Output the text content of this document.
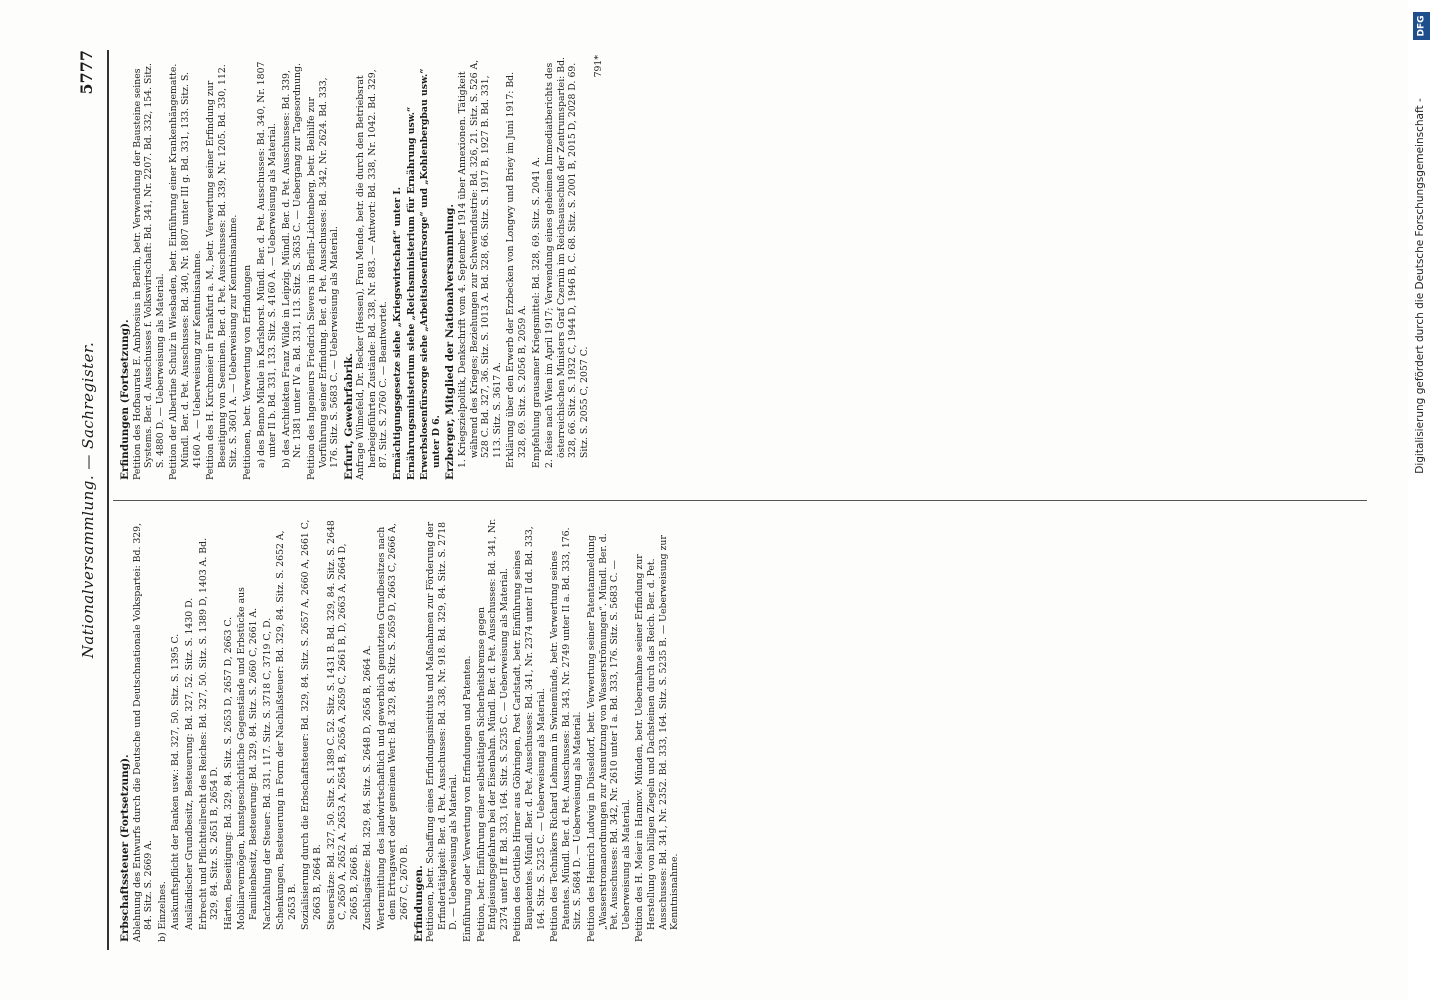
Nationalversammlung. — Sachregister.
5777
Erbschaftssteuer (Fortsetzung). Ablehnung des Entwurfs durch die Deutsche und Deutschnationale Volkspartei: Bd. 329, 84. Sitz. S. 2669 A. b) Einzelnes. Auskunftspflicht der Banken usw.: Bd. 327, 50. Sitz. S. 1395 C. Ausländischer Grundbesitz, Besteuerung: Bd. 327, 52. Sitz. S. 1430 D. Erbrecht und Pflichtteilrecht des Reiches: Bd. 327, 50. Sitz. S. 1389 D, 1403 A. Bd. 329, 84. Sitz. S. 2651 B, 2654 D. Härten, Beseitigung: Bd. 329, 84. Sitz. S. 2653 D, 2657 D, 2663 C. Mobiliarvermögen, kunstgeschichtliche Gegenstände und Erbstücke aus Familienbesitz, Besteuerung: Bd. 329, 84. Sitz. S. 2660 C, 2661 A. Nachzahlung der Steuer: Bd. 331, 117. Sitz. S. 3718 C, 3719 C, D. Schenkungen, Besteuerung in Form der Nachlaßsteuer: Bd. 329, 84. Sitz. S. 2652 A, 2653 B. Sozialisierung durch die Erbschaftsteuer: Bd. 329, 84. Sitz. S. 2657 A, 2660 A, 2661 C, 2663 B, 2664 B. Steuersätze: Bd. 327, 50. Sitz. S. 1389 C. 52. Sitz. S. 1431 B. Bd. 329, 84. Sitz. S. 2648 C, 2650 A, 2652 A, 2653 A, 2654 B, 2656 A, 2659 C, 2661 B, D, 2663 A, 2664 D, 2665 B, 2666 B. Zuschlagsätze: Bd. 329, 84. Sitz. S. 2648 D, 2656 B, 2664 A. Wertermittlung des landwirtschaftlich und gewerblich genutzten Grundbesitzes nach dem Ertragswert oder gemeinen Wert: Bd. 329, 84. Sitz. S. 2659 D, 2663 C, 2666 A, 2667 C, 2670 B. Erfindungen. Petitionen, betr. Schaffung eines Erfindungsinstituts und Maßnahmen zur Förderung der Erfindertätigkeit: Ber. d. Pet. Ausschusses: Bd. 338, Nr. 918. Bd. 329, 84. Sitz. S. 2718 D. — Ueberweisung als Material. Einführung oder Verwertung von Erfindungen und Patenten. Petition, betr. Einführung einer selbsttätigen Sicherheitsbremse gegen Entgleisungsgefahren bei der Eisenbahn. Mündl. Ber. d. Pet. Ausschusses: Bd. 341, Nr. 2374 unter II ff. Bd. 333, 164. Sitz. S. 5235 C. — Ueberweisung als Material. Petition des Gottlieb Hirner aus Göbringen, Post Carlstadt, betr. Einführung seines Baupatentes. Mündl. Ber. d. Pet. Ausschusses: Bd. 341, Nr. 2374 unter II dd. Bd. 333, 164. Sitz. S. 5235 C. — Ueberweisung als Material. Petition des Technikers Richard Lehmann in Swinemünde, betr. Verwertung seines Patentes. Mündl. Ber. d. Pet. Ausschusses: Bd. 343, Nr. 2749 unter II a. Bd. 333, 176. Sitz. S. 5684 D. — Ueberweisung als Material. Petition des Heinrich Ludwig in Düsseldorf, betr. Verwertung seiner Patentanmeldung „Wasserstromanordnungen zur Ausnutzung von Wasserströmungen“. Mündl. Ber. d. Pet. Ausschusses: Bd. 342, Nr. 2610 unter I a. Bd. 333, 176. Sitz. S. 5683 C. — Ueberweisung als Material. Petition des H. Meier in Hannov. Münden, betr. Uebernahme seiner Erfindung zur Herstellung von billigen Ziegeln und Dachsteinen durch das Reich. Ber. d. Pet. Ausschusses: Bd. 341, Nr. 2352. Bd. 333, 164. Sitz. S. 5235 B. — Ueberweisung zur Kenntnisnahme.
Erfindungen (Fortsetzung). Petition des Hofbaurats E. Ambrosius in Berlin, betr. Verwendung der Bausteine seines Systems. Ber. d. Ausschusses f. Volkswirtschaft: Bd. 341, Nr. 2207. Bd. 332, 154. Sitz. S. 4880 D. — Ueberweisung als Material. Petition der Albertine Schulz in Wiesbaden, betr. Einführung einer Krankenhängematte. Mündl. Ber. d. Pet. Ausschusses: Bd. 340, Nr. 1807 unter III g. Bd. 331, 133. Sitz. S. 4160 A. — Ueberweisung zur Kenntnisnahme. Petition des H. Kirchmeier in Frankfurt a. M., betr. Verwertung seiner Erfindung zur Beseitigung von Seeminen. Ber. d. Pet. Ausschusses: Bd. 339, Nr. 1205. Bd. 330, 112. Sitz. S. 3601 A. — Ueberweisung zur Kenntnisnahme. Petitionen, betr. Verwertung von Erfindungen a) des Benno Mikule in Karlshorst. Mündl. Ber. d. Pet. Ausschusses: Bd. 340, Nr. 1807 unter II b. Bd. 331, 133. Sitz. S. 4160 A. — Ueberweisung als Material. b) des Architekten Franz Wilde in Leipzig. Mündl. Ber. d. Pet. Ausschusses: Bd. 339, Nr. 1381 unter IV a. Bd. 331, 113. Sitz. S. 3635 C. — Uebergang zur Tagesordnung. Petition des Ingenieurs Friedrich Sievers in Berlin-Lichtenberg, betr. Beihilfe zur Vorführung seiner Erfindung. Ber. d. Pet. Ausschusses: Bd. 342, Nr. 2624. Bd. 333, 176. Sitz. S. 5683 C. — Ueberweisung als Material. Erfurt, Gewehrfabrik. Anfrage Wilmefeld, Dr. Becker (Hessen), Frau Mende, betr. die durch den Betriebsrat herbeigeführten Zustände: Bd. 338, Nr. 883. — Antwort: Bd. 338, Nr. 1042. Bd. 329, 87. Sitz. S. 2760 C. — Beantwortet. Ermächtigungsgesetze siehe „Kriegswirtschaft“ unter I. Ernährungsministerium siehe „Reichsministerium für Ernährung usw.“ Erwerbslosenfürsorge siehe „Arbeitslosenfürsorge“ und „Kohlenbergbau usw.“ unter D 6. Erzberger, Mitglied der Nationalversammlung. 1. Kriegszielpolitik, Denkschrift vom 4. September 1914 über Annexionen. Tätigkeit während des Krieges; Beziehungen zur Schwerindustrie: Bd. 326, 21. Sitz. S. 526 A, 528 C. Bd. 327, 36. Sitz. S. 1013 A. Bd. 328, 66. Sitz. S. 1917 B, 1927 B. Bd. 331, 113. Sitz. S. 3617 A. Erklärung über den Erwerb der Erzbecken von Longwy und Briey im Juni 1917: Bd. 328, 69. Sitz. S. 2056 B, 2059 A. Empfehlung grausamer Kriegsmittel: Bd. 328, 69. Sitz. S. 2041 A. 2. Reise nach Wien im April 1917; Verwendung eines geheimen Immediatberichts des österreichischen Ministers Graf Czernin im Reichsausschuß der Zentrumspartei: Bd. 328, 66. Sitz. S. 1932 C, 1944 D, 1946 B, C. 68. Sitz. S. 2001 B, 2015 D, 2028 D. 69. Sitz. S. 2055 C, 2057 C.
791*
DFG
Digitalisierung gefördert durch die Deutsche Forschungsgemeinschaft -
